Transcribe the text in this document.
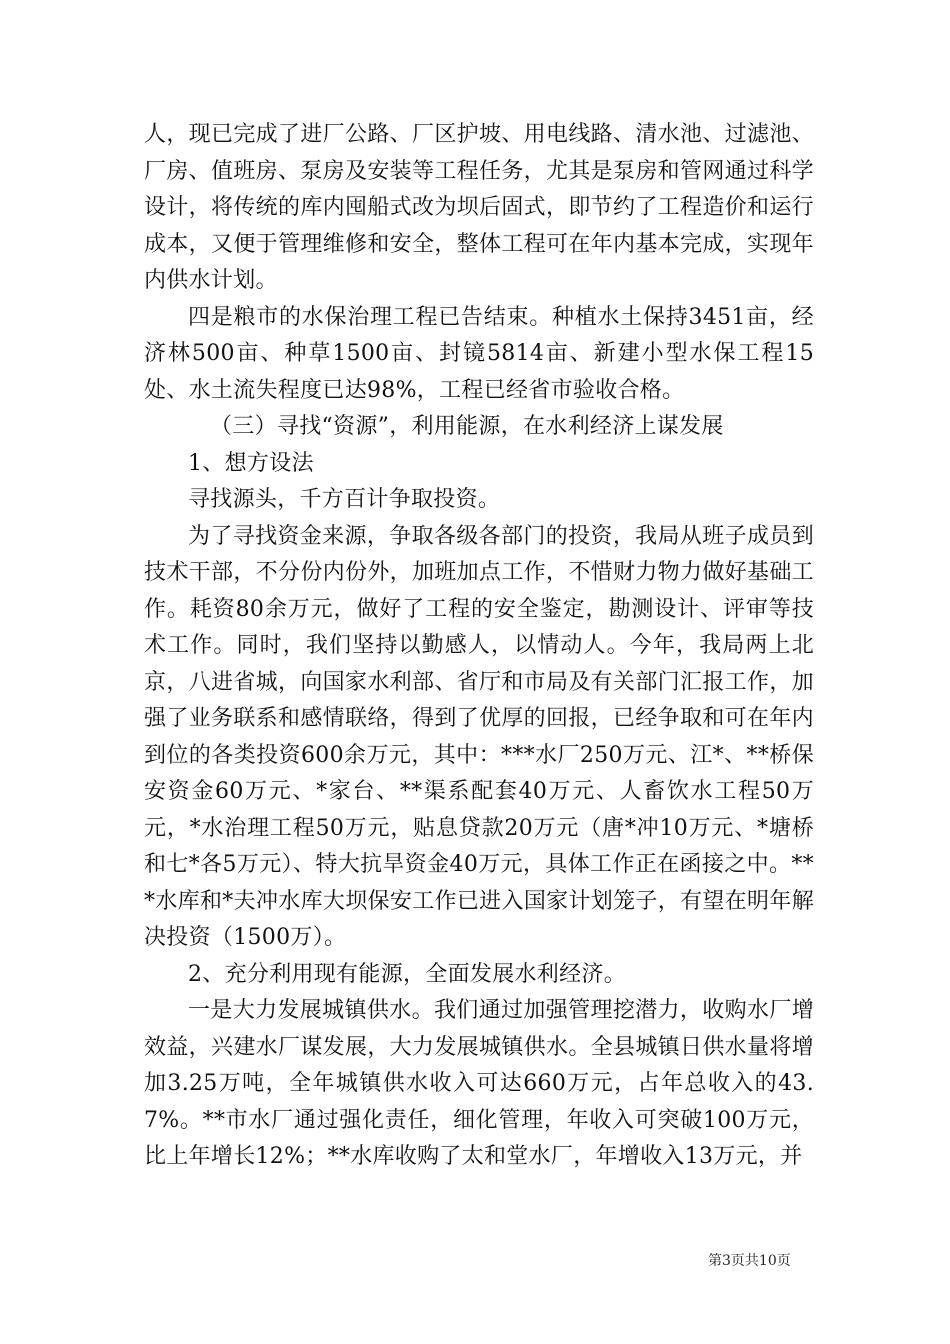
人，现已完成了进厂公路、厂区护坡、用电线路、清水池、过滤池、厂房、值班房、泵房及安装等工程任务，尤其是泵房和管网通过科学设计，将传统的库内囤船式改为坝后固式，即节约了工程造价和运行成本，又便于管理维修和安全，整体工程可在年内基本完成，实现年内供水计划。

四是粮市的水保治理工程已告结束。种植水土保持3451亩，经济林500亩、种草1500亩、封镜5814亩、新建小型水保工程15处、水土流失程度已达98%，工程已经省市验收合格。

（三）寻找“资源”，利用能源，在水利经济上谋发展

1、想方设法

寻找源头，千方百计争取投资。

为了寻找资金来源，争取各级各部门的投资，我局从班子成员到技术干部，不分份内份外，加班加点工作，不惜财力物力做好基础工作。耗资80余万元，做好了工程的安全鉴定，勘测设计、评审等技术工作。同时，我们坚持以勤感人，以情动人。今年，我局两上北京，八进省城，向国家水利部、省厅和市局及有关部门汇报工作，加强了业务联系和感情联络，得到了优厚的回报，已经争取和可在年内到位的各类投资600余万元，其中：***水厂250万元、江*、**桥保安资金60万元、*家台、**渠系配套40万元、人畜饮水工程50万元，*水治理工程50万元，贴息贷款20万元（唐*冲10万元、*塘桥和七*各5万元）、特大抗旱资金40万元，具体工作正在函接之中。***水库和*夫冲水库大坝保安工作已进入国家计划笼子，有望在明年解决投资（1500万）。

2、充分利用现有能源，全面发展水利经济。

一是大力发展城镇供水。我们通过加强管理挖潜力，收购水厂增效益，兴建水厂谋发展，大力发展城镇供水。全县城镇日供水量将增加3.25万吨，全年城镇供水收入可达660万元，占年总收入的43.7%。**市水厂通过强化责任，细化管理，年收入可突破100万元，比上年增长12%；**水库收购了太和堂水厂，年增收入13万元，并

第3页共10页
